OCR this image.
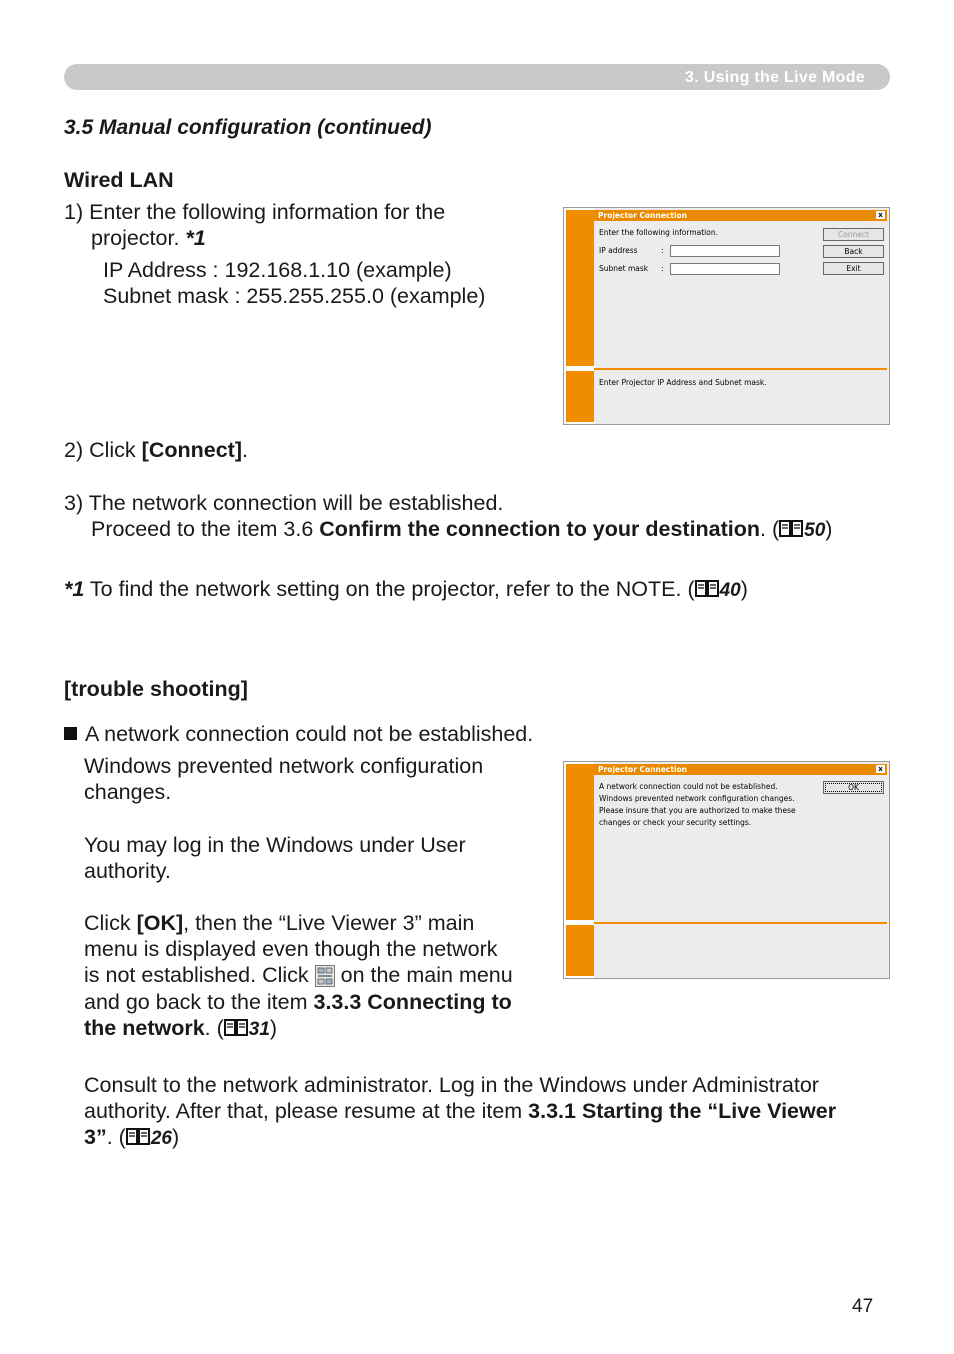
3. Using the Live Mode
3.5 Manual configuration (continued)
Wired LAN
1) Enter the following information for the
projector. *1
IP Address : 192.168.1.10 (example)
Subnet mask : 255.255.255.0 (example)
Projector Connection	x
Enter the following information.
IP address	:
Subnet mask :
Connect
Back
Exit
Enter Projector IP Address and Subnet mask.
2) Click [Connect].
3) The network connection will be established.
Proceed to the item 3.6 Confirm the connection to your destination. ( 50)
*1 To find the network setting on the projector, refer to the NOTE. ( 40)
[trouble shooting]
A network connection could not be established.
Windows prevented network configuration
changes.
You may log in the Windows under User
authority.
Click [OK], then the “Live Viewer 3” main
menu is displayed even though the network
is not established. Click  on the main menu
and go back to the item 3.3.3 Connecting to
the network. ( 31)
Projector Connection	x
A network connection could not be established.
Windows prevented network configuration changes.
Please insure that you are authorized to make these
changes or check your security settings.
OK
Consult to the network administrator. Log in the Windows under Administrator
authority. After that, please resume at the item 3.3.1 Starting the “Live Viewer
3”. ( 26)
47
